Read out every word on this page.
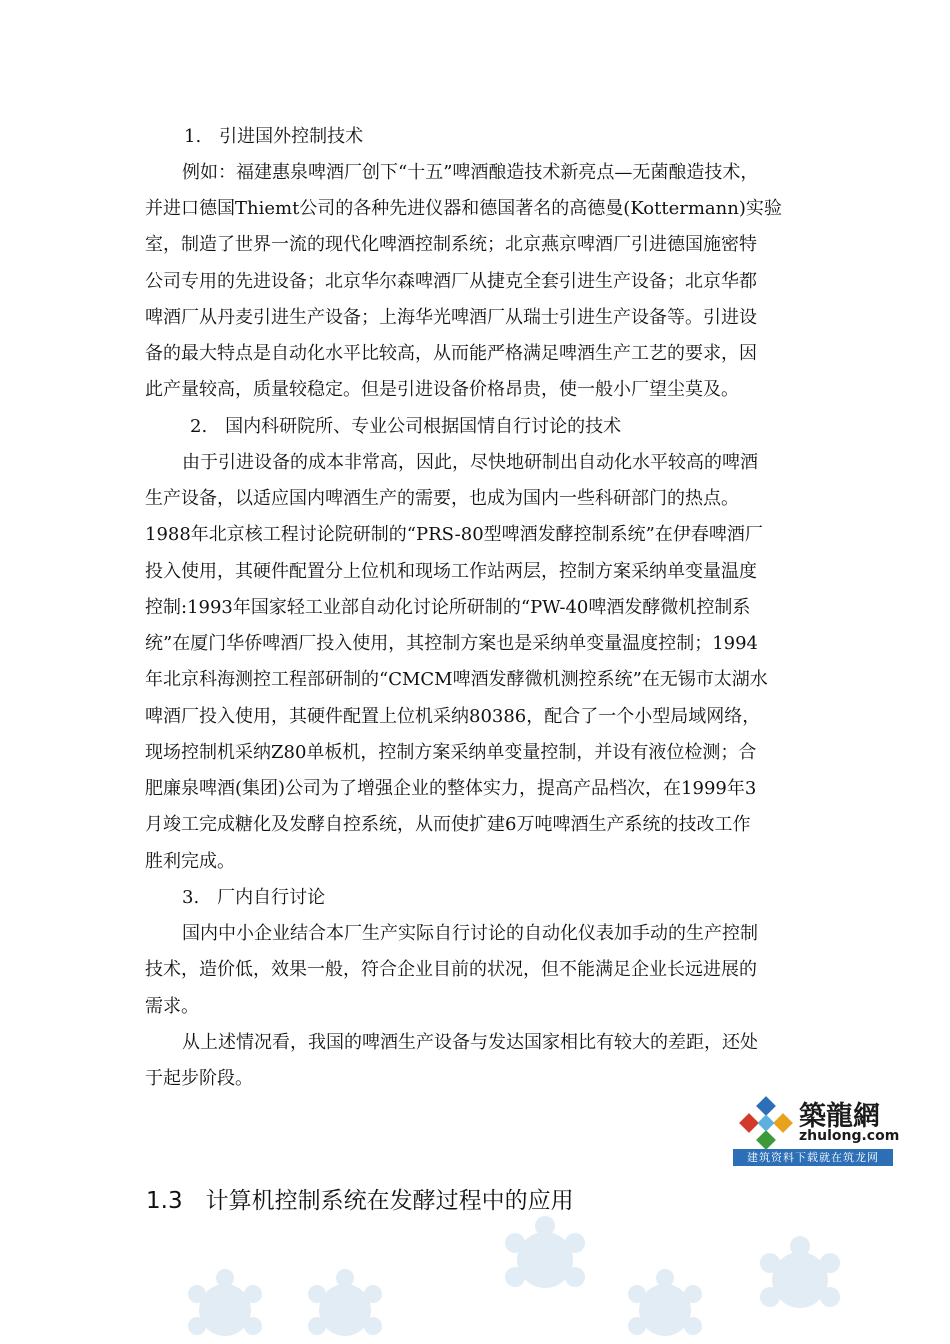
1.　引进国外控制技术

例如：福建惠泉啤酒厂创下“十五”啤酒酿造技术新亮点—无菌酿造技术，

并进口德国Thiemt公司的各种先进仪器和德国著名的高德曼(Kottermann)实验

室，制造了世界一流的现代化啤酒控制系统；北京燕京啤酒厂引进德国施密特

公司专用的先进设备；北京华尔森啤酒厂从捷克全套引进生产设备；北京华都

啤酒厂从丹麦引进生产设备；上海华光啤酒厂从瑞士引进生产设备等。引进设

备的最大特点是自动化水平比较高，从而能严格满足啤酒生产工艺的要求，因

此产量较高，质量较稳定。但是引进设备价格昂贵，使一般小厂望尘莫及。

2.　国内科研院所、专业公司根据国情自行讨论的技术

由于引进设备的成本非常高，因此，尽快地研制出自动化水平较高的啤酒

生产设备，以适应国内啤酒生产的需要，也成为国内一些科研部门的热点。

1988年北京核工程讨论院研制的“PRS-80型啤酒发酵控制系统”在伊春啤酒厂

投入使用，其硬件配置分上位机和现场工作站两层，控制方案采纳单变量温度

控制:1993年国家轻工业部自动化讨论所研制的“PW-40啤酒发酵微机控制系

统”在厦门华侨啤酒厂投入使用，其控制方案也是采纳单变量温度控制；1994

年北京科海测控工程部研制的“CMCM啤酒发酵微机测控系统”在无锡市太湖水

啤酒厂投入使用，其硬件配置上位机采纳80386，配合了一个小型局域网络，

现场控制机采纳Z80单板机，控制方案采纳单变量控制，并设有液位检测；合

肥廉泉啤酒(集团)公司为了增强企业的整体实力，提高产品档次，在1999年3

月竣工完成糖化及发酵自控系统，从而使扩建6万吨啤酒生产系统的技改工作

胜利完成。

3.　厂内自行讨论

国内中小企业结合本厂生产实际自行讨论的自动化仪表加手动的生产控制

技术，造价低，效果一般，符合企业目前的状况，但不能满足企业长远进展的

需求。

从上述情况看，我国的啤酒生产设备与发达国家相比有较大的差距，还处

于起步阶段。

築龍網
zhulong.com
建筑资料下载就在筑龙网
1.3　计算机控制系统在发酵过程中的应用
